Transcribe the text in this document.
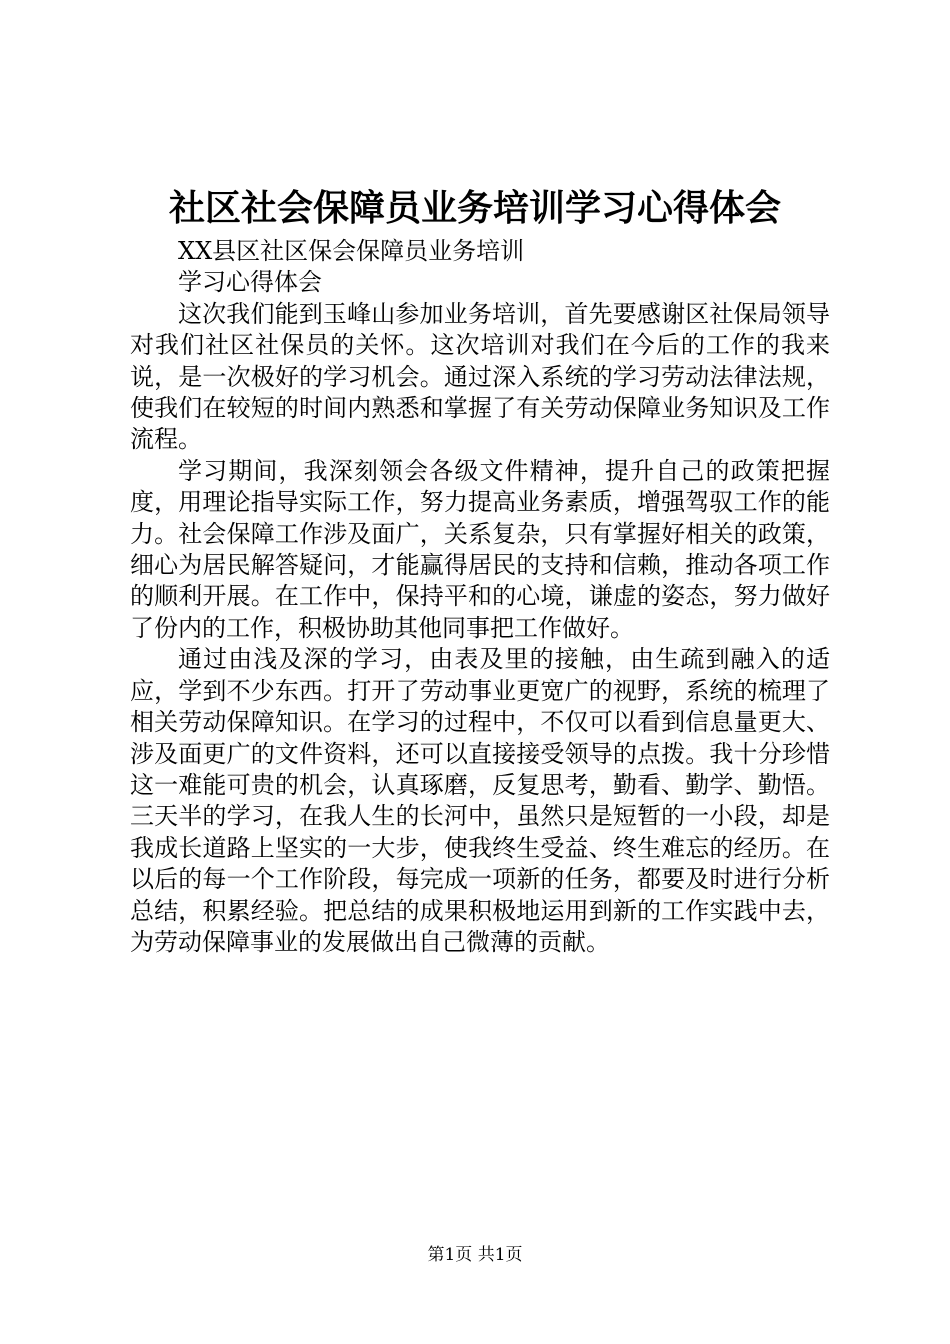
社区社会保障员业务培训学习心得体会

XX县区社区保会保障员业务培训

学习心得体会

这次我们能到玉峰山参加业务培训，首先要感谢区社保局领导对我们社区社保员的关怀。这次培训对我们在今后的工作的我来说，是一次极好的学习机会。通过深入系统的学习劳动法律法规，使我们在较短的时间内熟悉和掌握了有关劳动保障业务知识及工作流程。

学习期间，我深刻领会各级文件精神，提升自己的政策把握度，用理论指导实际工作，努力提高业务素质，增强驾驭工作的能力。社会保障工作涉及面广，关系复杂，只有掌握好相关的政策，细心为居民解答疑问，才能赢得居民的支持和信赖，推动各项工作的顺利开展。在工作中，保持平和的心境，谦虚的姿态，努力做好了份内的工作，积极协助其他同事把工作做好。

通过由浅及深的学习，由表及里的接触，由生疏到融入的适应，学到不少东西。打开了劳动事业更宽广的视野，系统的梳理了相关劳动保障知识。在学习的过程中，不仅可以看到信息量更大、涉及面更广的文件资料，还可以直接接受领导的点拨。我十分珍惜这一难能可贵的机会，认真琢磨，反复思考，勤看、勤学、勤悟。三天半的学习，在我人生的长河中，虽然只是短暂的一小段，却是我成长道路上坚实的一大步，使我终生受益、终生难忘的经历。在以后的每一个工作阶段，每完成一项新的任务，都要及时进行分析总结，积累经验。把总结的成果积极地运用到新的工作实践中去，为劳动保障事业的发展做出自己微薄的贡献。

第1页 共1页
